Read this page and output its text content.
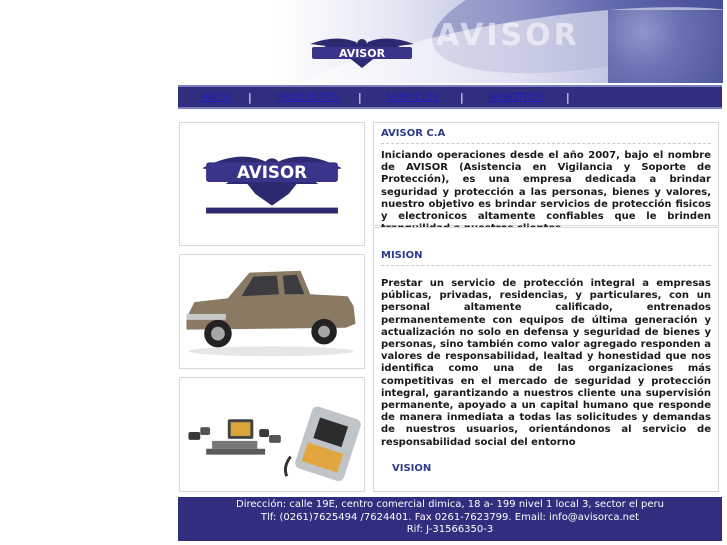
AVISOR
AVISOR
INICIO | PRODUCTOS | SERVICIOS | NOSOTROS |
AVISOR
AVISOR C.A
Iniciando operaciones desde el año 2007, bajo el nombre de AVISOR (Asistencia en Vigilancia y Soporte de Protección), es una empresa dedicada a brindar seguridad y protección a las personas, bienes y valores, nuestro objetivo es brindar servicios de protección fisicos y electronicos altamente confiables que le brinden
MISION
Prestar un servicio de protección integral a empresas públicas, privadas, residencias, y particulares, con un personal altamente calificado, entrenados permanentemente con equipos de última generación y actualización no solo en defensa y seguridad de bienes y personas, sino también como valor agregado responden a valores de responsabilidad, lealtad y honestidad que nos identifica como una de las organizaciones más competitivas en el mercado de seguridad y protección integral, garantizando a nuestros cliente una supervisión permanente, apoyado a un capital humano que responde de manera inmediata a todas las solicitudes y demandas de nuestros usuarios, orientándonos al servicio de responsabilidad social del entorno
VISION
Dirección: calle 19E, centro comercial dimica, 18 a- 199 nivel 1 local 3, sector el peru
Tlf: (0261)7625494 /7624401. Fax 0261-7623799. Email: info@avisorca.net
Rif: J-31566350-3
